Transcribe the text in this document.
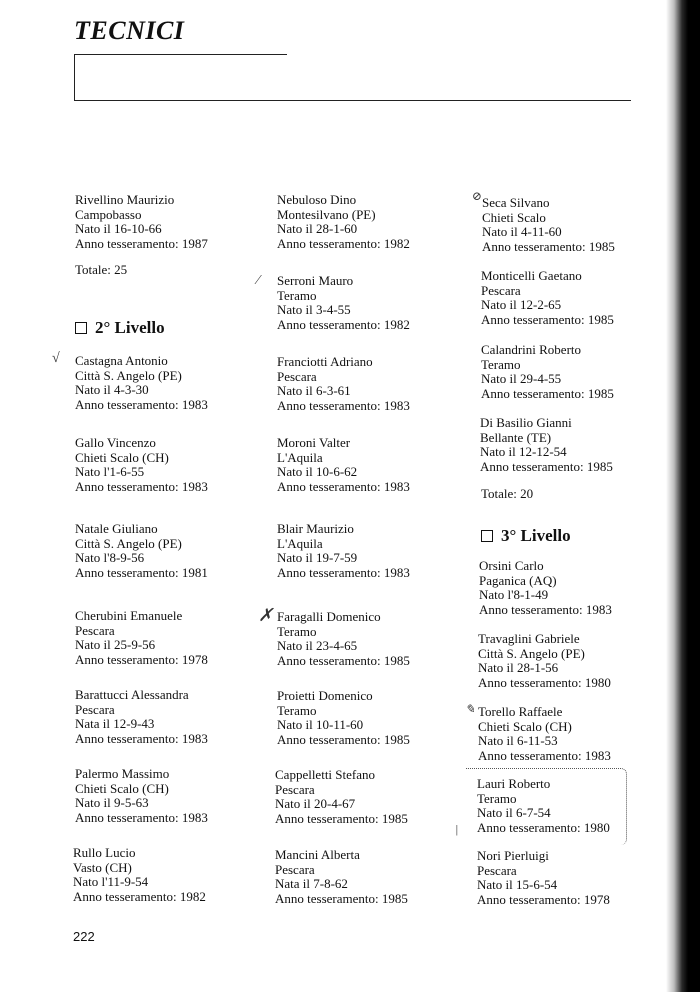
TECNICI
Rivellino Maurizio
Campobasso
Nato il 16-10-66
Anno tesseramento: 1987
Totale: 25
2° Livello
√ Castagna Antonio
Città S. Angelo (PE)
Nato il 4-3-30
Anno tesseramento: 1983
Gallo Vincenzo
Chieti Scalo (CH)
Nato l'1-6-55
Anno tesseramento: 1983
Natale Giuliano
Città S. Angelo (PE)
Nato l'8-9-56
Anno tesseramento: 1981
Cherubini Emanuele
Pescara
Nato il 25-9-56
Anno tesseramento: 1978
Barattucci Alessandra
Pescara
Nata il 12-9-43
Anno tesseramento: 1983
Palermo Massimo
Chieti Scalo (CH)
Nato il 9-5-63
Anno tesseramento: 1983
Rullo Lucio
Vasto (CH)
Nato l'11-9-54
Anno tesseramento: 1982
Nebuloso Dino
Montesilvano (PE)
Nato il 28-1-60
Anno tesseramento: 1982
⁄ Serroni Mauro
Teramo
Nato il 3-4-55
Anno tesseramento: 1982
Franciotti Adriano
Pescara
Nato il 6-3-61
Anno tesseramento: 1983
Moroni Valter
L'Aquila
Nato il 10-6-62
Anno tesseramento: 1983
Blair Maurizio
L'Aquila
Nato il 19-7-59
Anno tesseramento: 1983
✗ Faragalli Domenico
Teramo
Nato il 23-4-65
Anno tesseramento: 1985
Proietti Domenico
Teramo
Nato il 10-11-60
Anno tesseramento: 1985
Cappelletti Stefano
Pescara
Nato il 20-4-67
Anno tesseramento: 1985
Mancini Alberta
Pescara
Nata il 7-8-62
Anno tesseramento: 1985
⊘ Seca Silvano
Chieti Scalo
Nato il 4-11-60
Anno tesseramento: 1985
Monticelli Gaetano
Pescara
Nato il 12-2-65
Anno tesseramento: 1985
Calandrini Roberto
Teramo
Nato il 29-4-55
Anno tesseramento: 1985
Di Basilio Gianni
Bellante (TE)
Nato il 12-12-54
Anno tesseramento: 1985
Totale: 20
3° Livello
Orsini Carlo
Paganica (AQ)
Nato l'8-1-49
Anno tesseramento: 1983
Travaglini Gabriele
Città S. Angelo (PE)
Nato il 28-1-56
Anno tesseramento: 1980
✎ Torello Raffaele
Chieti Scalo (CH)
Nato il 6-11-53
Anno tesseramento: 1983
|
Lauri Roberto
Teramo
Nato il 6-7-54
Anno tesseramento: 1980
Nori Pierluigi
Pescara
Nato il 15-6-54
Anno tesseramento: 1978
222
